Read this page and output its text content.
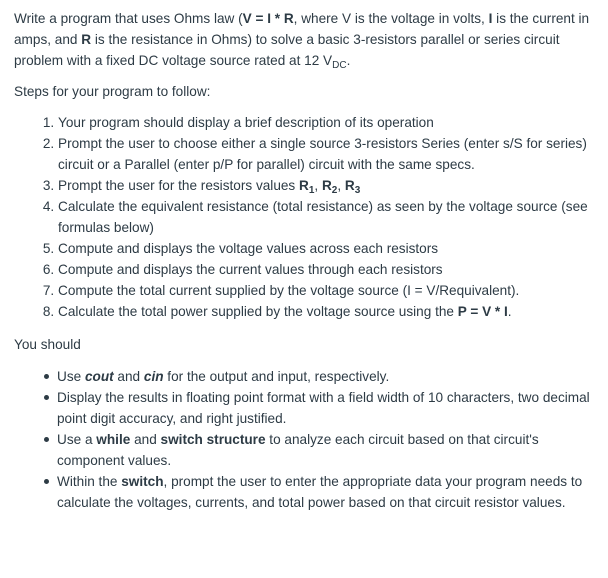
Write a program that uses Ohms law (V = I * R, where V is the voltage in volts, I is the current in amps, and R is the resistance in Ohms) to solve a basic 3-resistors parallel or series circuit problem with a fixed DC voltage source rated at 12 $V_{DC}$.

Steps for your program to follow:

1. Your program should display a brief description of its operation
2. Prompt the user to choose either a single source 3-resistors Series (enter s/S for series) circuit or a Parallel (enter p/P for parallel) circuit with the same specs.
3. Prompt the user for the resistors values $R_1$, $R_2$, $R_3$
4. Calculate the equivalent resistance (total resistance) as seen by the voltage source (see formulas below)
5. Compute and displays the voltage values across each resistors
6. Compute and displays the current values through each resistors
7. Compute the total current supplied by the voltage source (I = V/Requivalent).
8. Calculate the total power supplied by the voltage source using the P = V * I.

You should

Use cout and cin for the output and input, respectively.
Display the results in floating point format with a field width of 10 characters, two decimal point digit accuracy, and right justified.
Use a while and switch structure to analyze each circuit based on that circuit's component values.
Within the switch, prompt the user to enter the appropriate data your program needs to calculate the voltages, currents, and total power based on that circuit resistor values.
